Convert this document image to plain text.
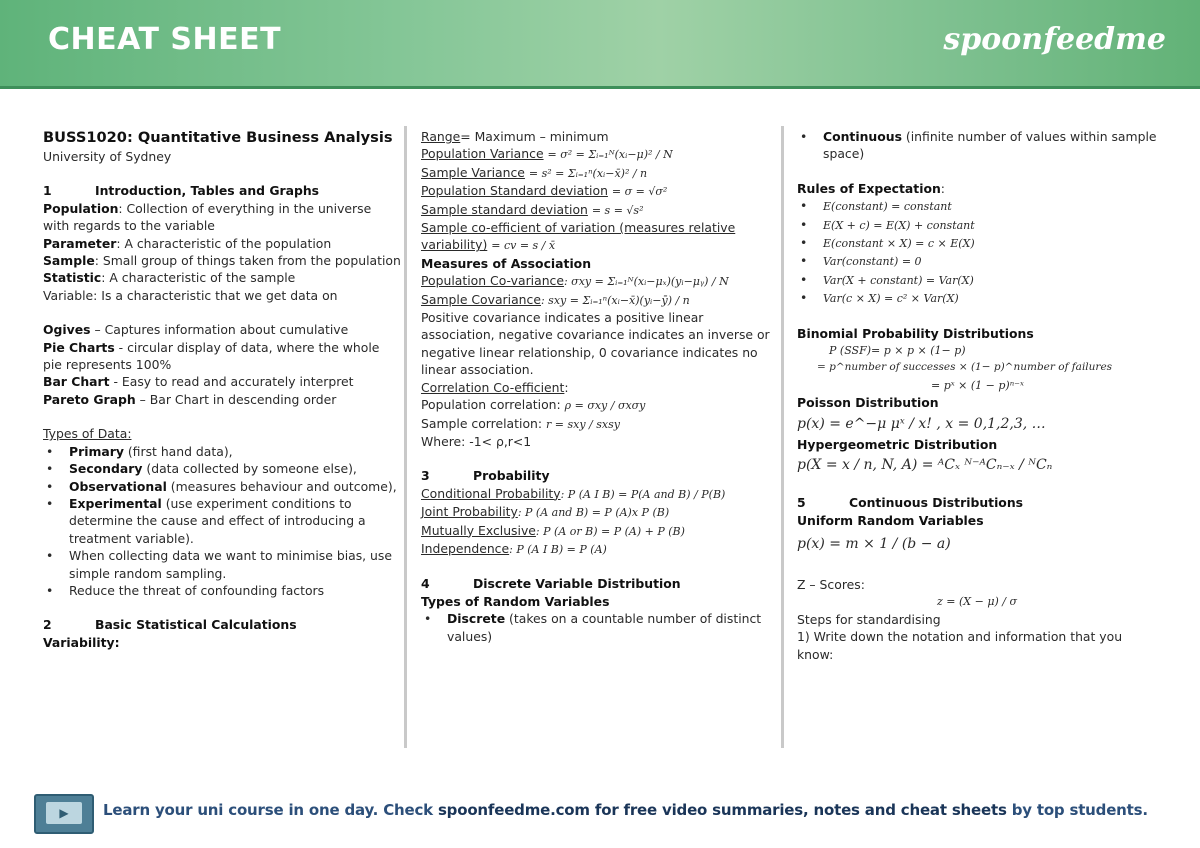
CHEAT SHEET	spoonfeedme
BUSS1020: Quantitative Business Analysis
University of Sydney
1	Introduction, Tables and Graphs
Population: Collection of everything in the universe with regards to the variable
Parameter: A characteristic of the population
Sample: Small group of things taken from the population
Statistic: A characteristic of the sample
Variable: Is a characteristic that we get data on
Ogives – Captures information about cumulative
Pie Charts - circular display of data, where the whole pie represents 100%
Bar Chart - Easy to read and accurately interpret
Pareto Graph – Bar Chart in descending order
Types of Data:
• Primary (first hand data),
• Secondary (data collected by someone else),
• Observational (measures behaviour and outcome),
• Experimental (use experiment conditions to determine the cause and effect of introducing a treatment variable).
• When collecting data we want to minimise bias, use simple random sampling.
• Reduce the threat of confounding factors
2	Basic Statistical Calculations
Variability:
Range= Maximum – minimum
Population Variance = σ² = Σᵢ₌₁ᴺ(xᵢ−μ)² / N
Sample Variance = s² = Σᵢ₌₁ⁿ(xᵢ−x̄)² / n
Population Standard deviation = σ = √σ²
Sample standard deviation = s = √s²
Sample co-efficient of variation (measures relative variability) = cv = s / x̄
Measures of Association
Population Co-variance: σxy = Σᵢ₌₁ᴺ(xᵢ−μₓ)(yᵢ−μᵧ) / N
Sample Covariance: sxy = Σᵢ₌₁ⁿ(xᵢ−x̄)(yᵢ−ȳ) / n
Positive covariance indicates a positive linear association, negative covariance indicates an inverse or negative linear relationship, 0 covariance indicates no linear association.
Correlation Co-efficient:
Population correlation: ρ = σxy / σxσy
Sample correlation: r = sxy / sxsy
Where: -1< ρ,r<1
3	Probability
Conditional Probability: P (A I B) = P(A and B) / P(B)
Joint Probability: P (A and B) = P (A)x P (B)
Mutually Exclusive: P (A or B) = P (A) + P (B)
Independence: P (A I B) = P (A)
4	Discrete Variable Distribution
Types of Random Variables
• Discrete (takes on a countable number of distinct values)
• Continuous (infinite number of values within sample space)
Rules of Expectation:
• E(constant) = constant
• E(X + c) = E(X) + constant
• E(constant × X) = c × E(X)
• Var(constant) = 0
• Var(X + constant) = Var(X)
• Var(c × X) = c² × Var(X)
Binomial Probability Distributions
P (SSF)= p × p × (1− p)
= p^number of successes × (1− p)^number of failures
= pˣ × (1 − p)ⁿ⁻ˣ
Poisson Distribution
p(x) = e^−μ μˣ / x! , x = 0,1,2,3, …
Hypergeometric Distribution
p(X = x / n, N, A) = ᴬCₓ ᴺ⁻ᴬCₙ₋ₓ / ᴺCₙ
5	Continuous Distributions
Uniform Random Variables
p(x) = m × 1 / (b − a)
Z – Scores:
z = (X − μ) / σ
Steps for standardising
1) Write down the notation and information that you know:
▶	Learn your uni course in one day. Check spoonfeedme.com for free video summaries, notes and cheat sheets by top students.
